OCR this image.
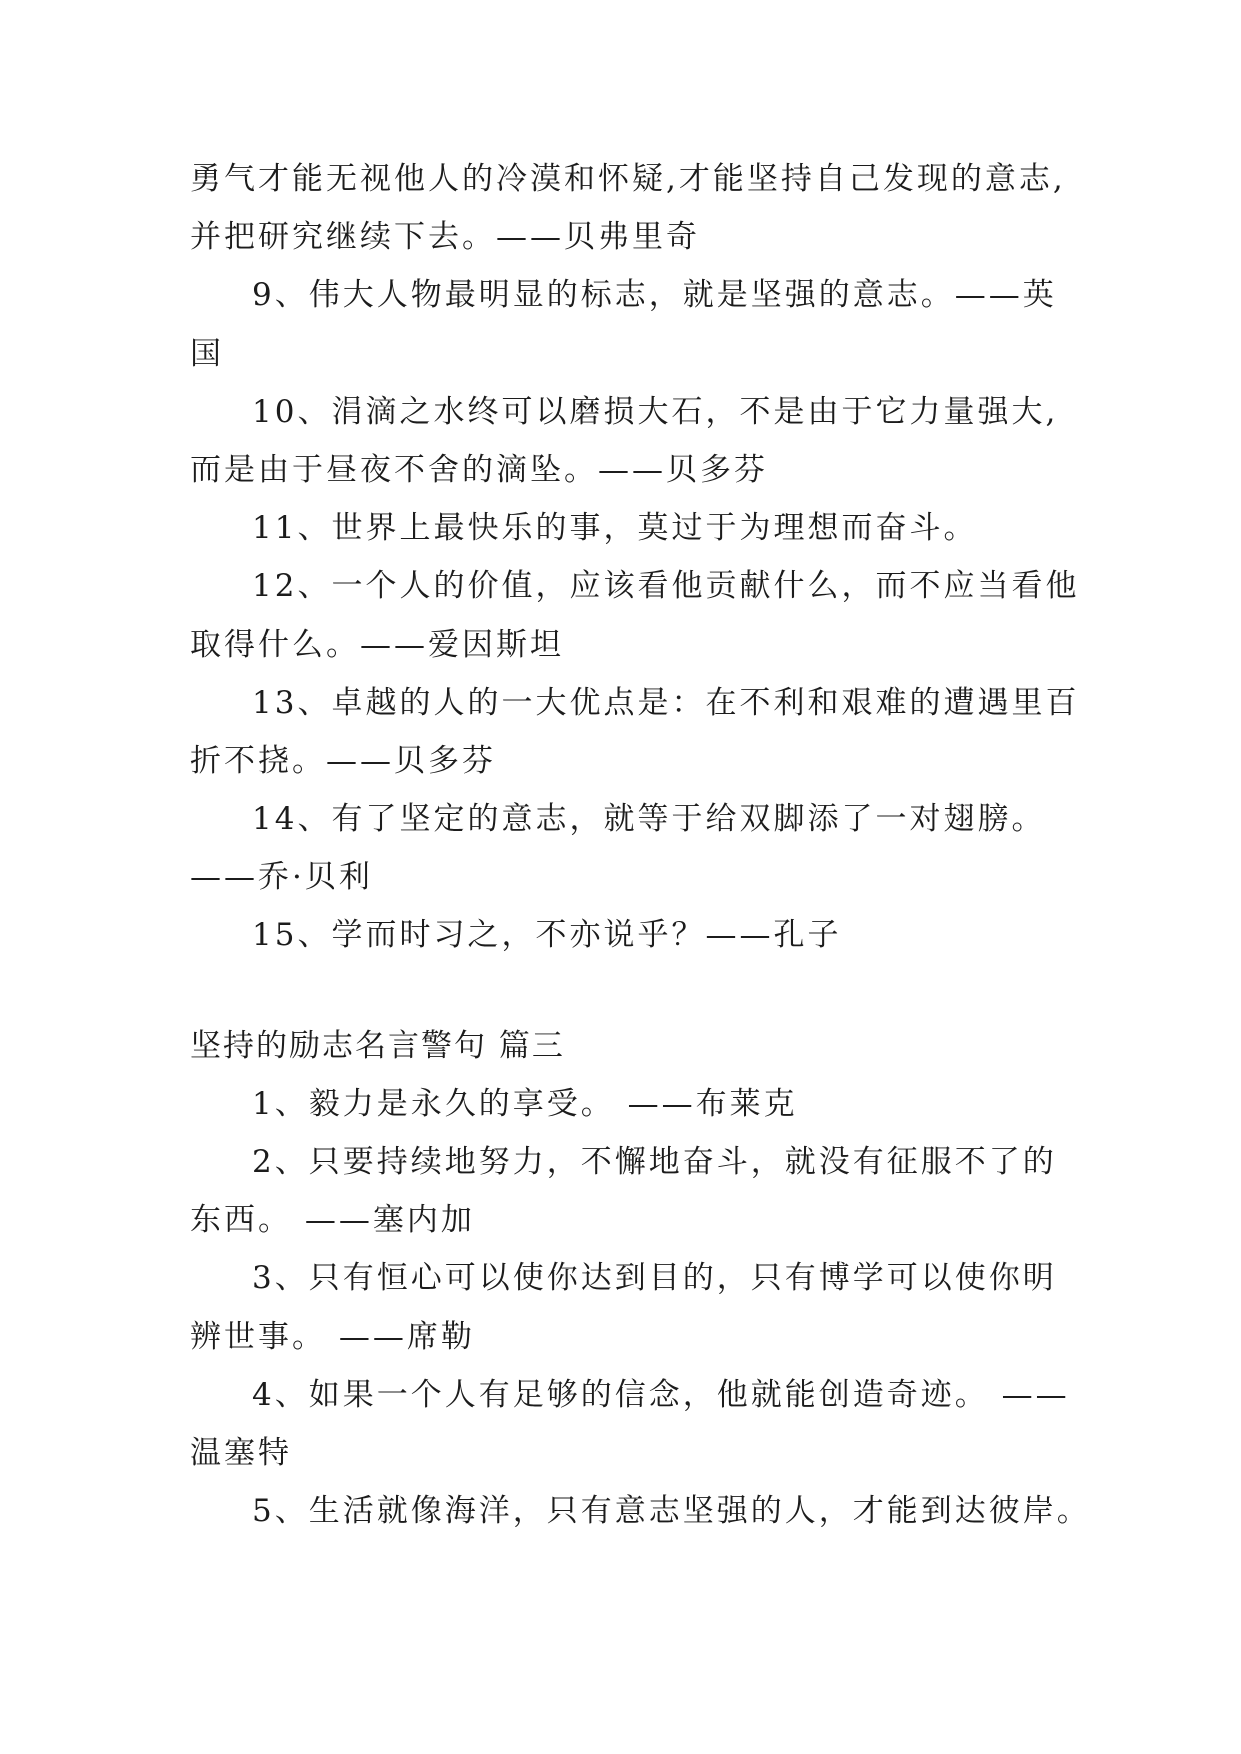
勇气才能无视他人的冷漠和怀疑,才能坚持自己发现的意志,
并把研究继续下去。——贝弗里奇
9、伟大人物最明显的标志，就是坚强的意志。——英
国
10、涓滴之水终可以磨损大石，不是由于它力量强大,
而是由于昼夜不舍的滴坠。——贝多芬
11、世界上最快乐的事，莫过于为理想而奋斗。
12、一个人的价值，应该看他贡献什么，而不应当看他
取得什么。——爱因斯坦
13、卓越的人的一大优点是：在不利和艰难的遭遇里百
折不挠。——贝多芬
14、有了坚定的意志，就等于给双脚添了一对翅膀。
——乔·贝利
15、学而时习之，不亦说乎？——孔子
坚持的励志名言警句 篇三
1、毅力是永久的享受。 ——布莱克
2、只要持续地努力，不懈地奋斗，就没有征服不了的
东西。 ——塞内加
3、只有恒心可以使你达到目的，只有博学可以使你明
辨世事。 ——席勒
4、如果一个人有足够的信念，他就能创造奇迹。 ——
温塞特
5、生活就像海洋，只有意志坚强的人，才能到达彼岸。
